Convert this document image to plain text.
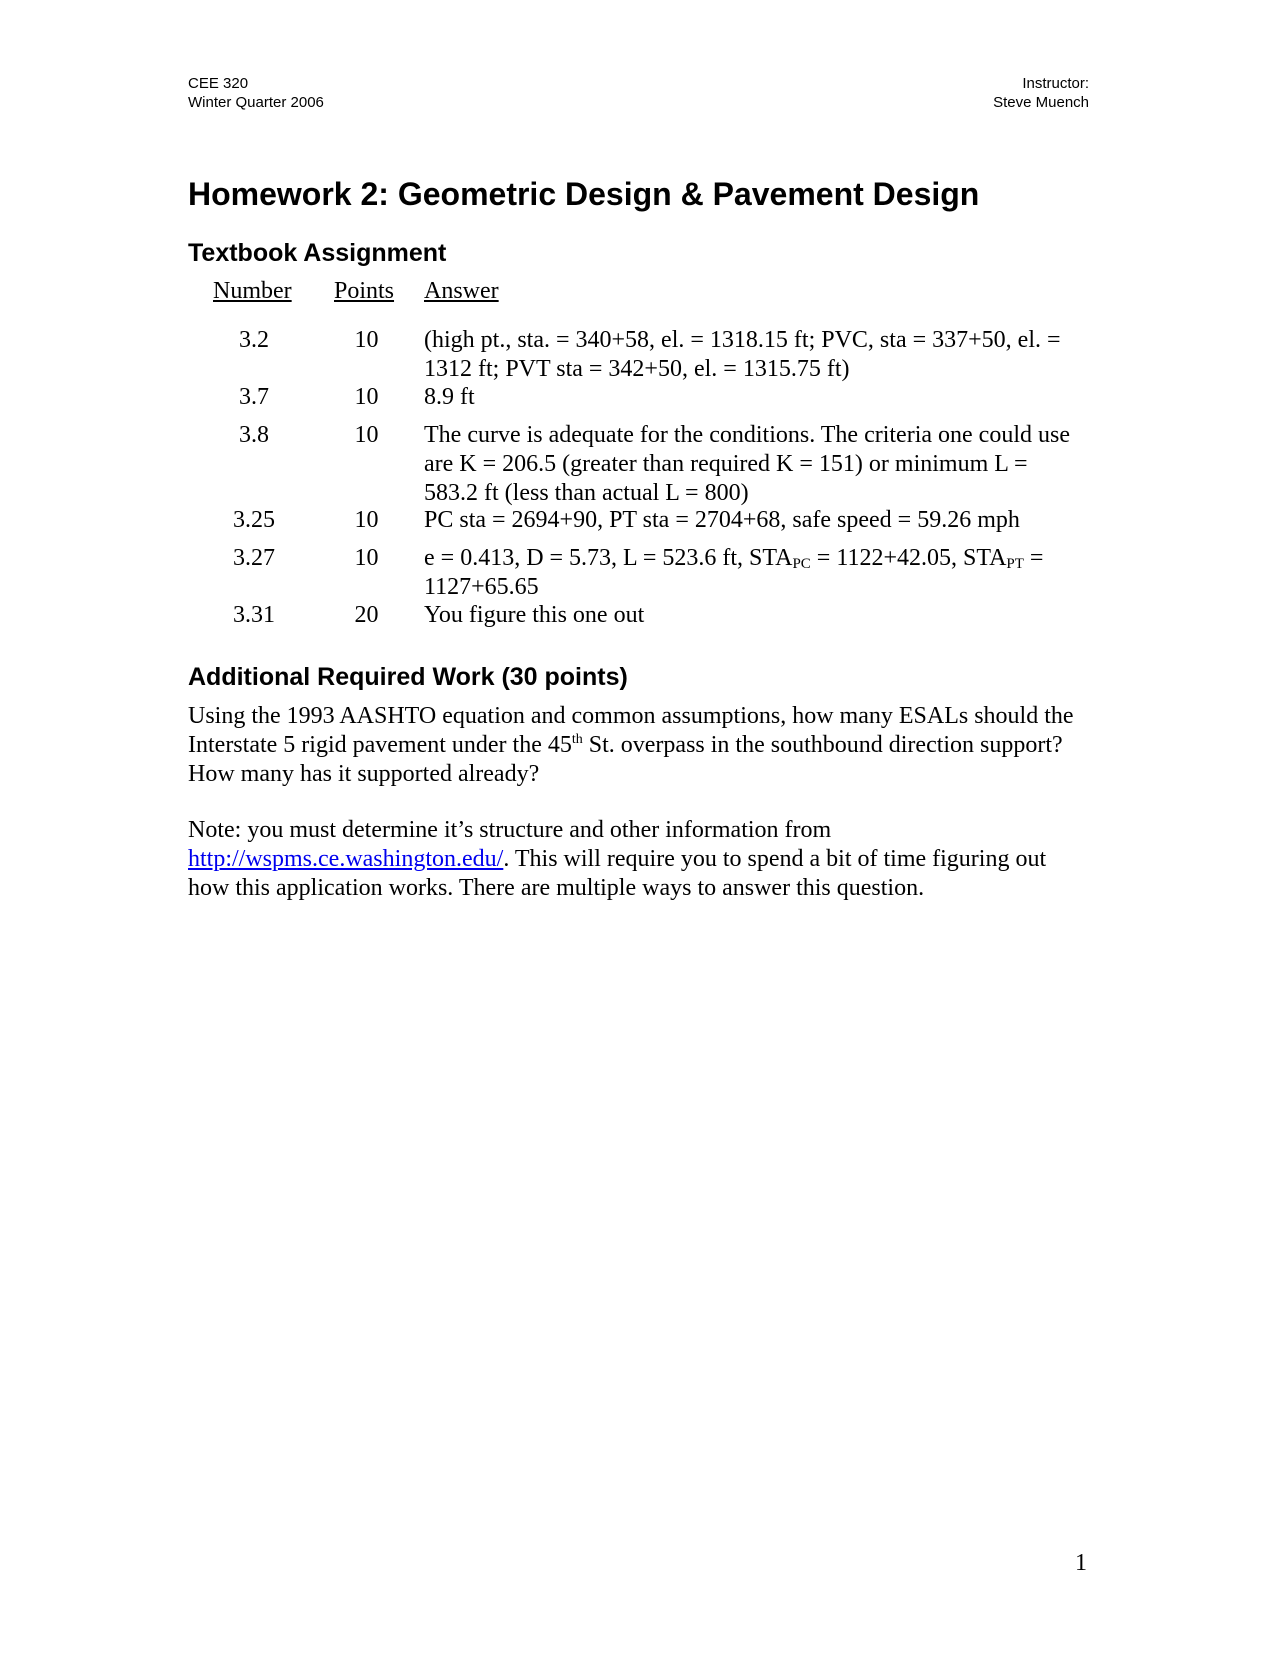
CEE 320
Winter Quarter 2006
Instructor:
Steve Muench
Homework 2: Geometric Design & Pavement Design
Textbook Assignment
Number Points Answer
3.2	10	(high pt., sta. = 340+58, el. = 1318.15 ft; PVC, sta = 337+50, el. = 1312 ft; PVT sta = 342+50, el. = 1315.75 ft)
3.7	10	8.9 ft
3.8	10	The curve is adequate for the conditions. The criteria one could use are K = 206.5 (greater than required K = 151) or minimum L = 583.2 ft (less than actual L = 800)
3.25	10	PC sta = 2694+90, PT sta = 2704+68, safe speed = 59.26 mph
3.27	10	e = 0.413, D = 5.73, L = 523.6 ft, $STA_{PC} = 1122+42.05$, $STA_{PT} = 1127+65.65$
3.31	20	You figure this one out
Additional Required Work (30 points)

Using the 1993 AASHTO equation and common assumptions, how many ESALs should the Interstate 5 rigid pavement under the 45th St. overpass in the southbound direction support? How many has it supported already?

Note: you must determine it’s structure and other information from http://wspms.ce.washington.edu/. This will require you to spend a bit of time figuring out how this application works. There are multiple ways to answer this question.

1
